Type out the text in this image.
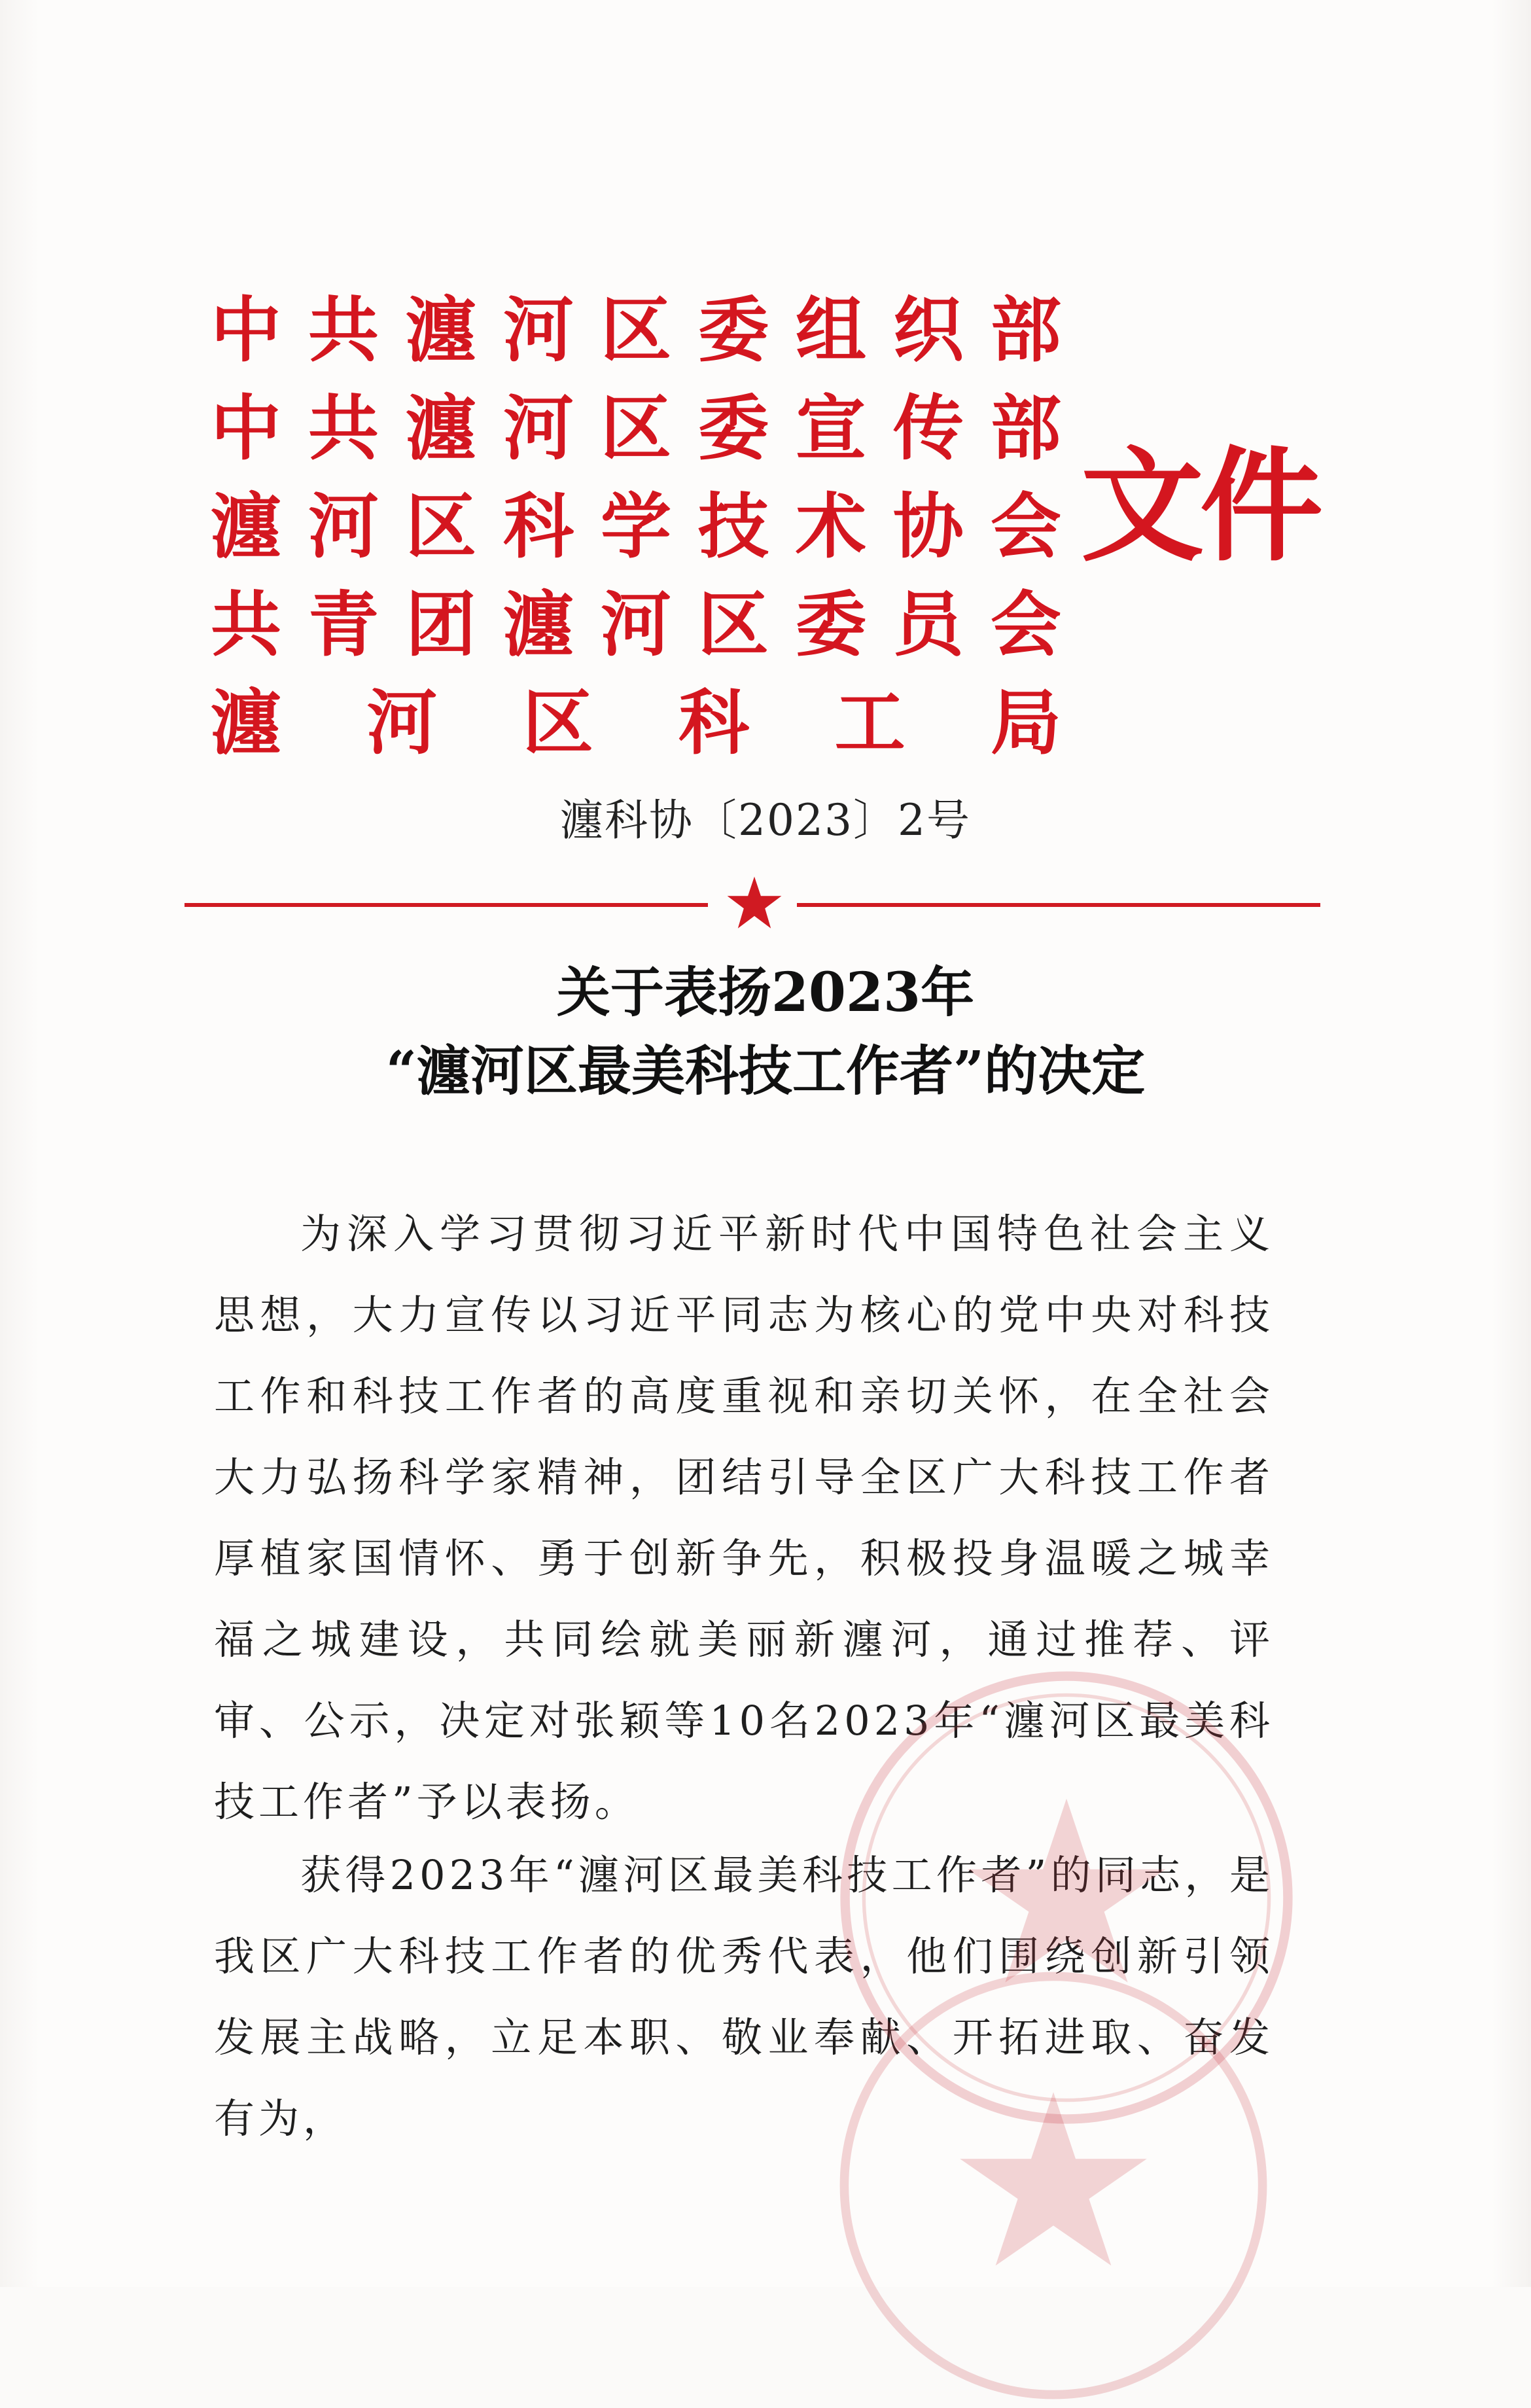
中 共 瀍 河 区 委 组 织 部
中 共 瀍 河 区 委 宣 传 部
瀍 河 区 科 学 技 术 协 会
共 青 团 瀍 河 区 委 员 会
瀍 河 区 科 工 局
文件
瀍科协〔2023〕2号
关于表扬2023年
“瀍河区最美科技工作者”的决定
为深入学习贯彻习近平新时代中国特色社会主义思想，大力宣传以习近平同志为核心的党中央对科技工作和科技工作者的高度重视和亲切关怀，在全社会大力弘扬科学家精神，团结引导全区广大科技工作者厚植家国情怀、勇于创新争先，积极投身温暖之城幸福之城建设，共同绘就美丽新瀍河，通过推荐、评审、公示，决定对张颖等10名2023年“瀍河区最美科技工作者”予以表扬。
获得2023年“瀍河区最美科技工作者”的同志，是我区广大科技工作者的优秀代表，他们围绕创新引领发展主战略，立足本职、敬业奉献、开拓进取、奋发有为，
